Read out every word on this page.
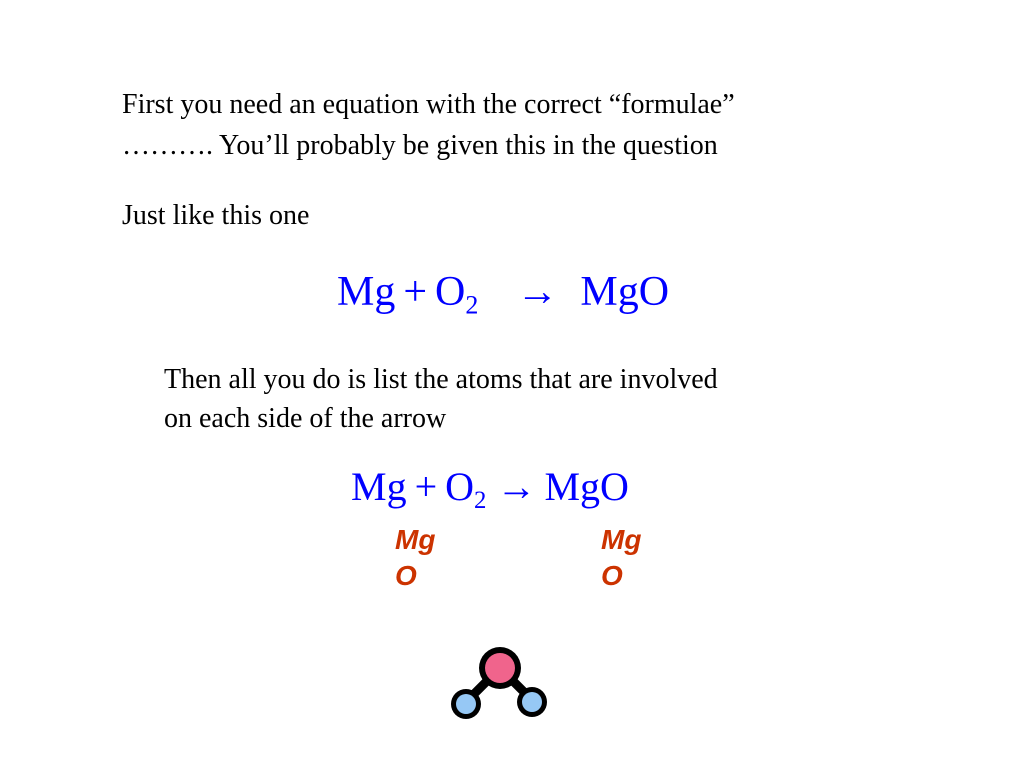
First you need an equation with the correct “formulae”

………. You’ll probably be given this in the question

Just like this one

$Mg + O_2$ → MgO

Then all you do is list the atoms that are involved

on each side of the arrow

$Mg + O_2$ → MgO
Mg
O
Mg
O
